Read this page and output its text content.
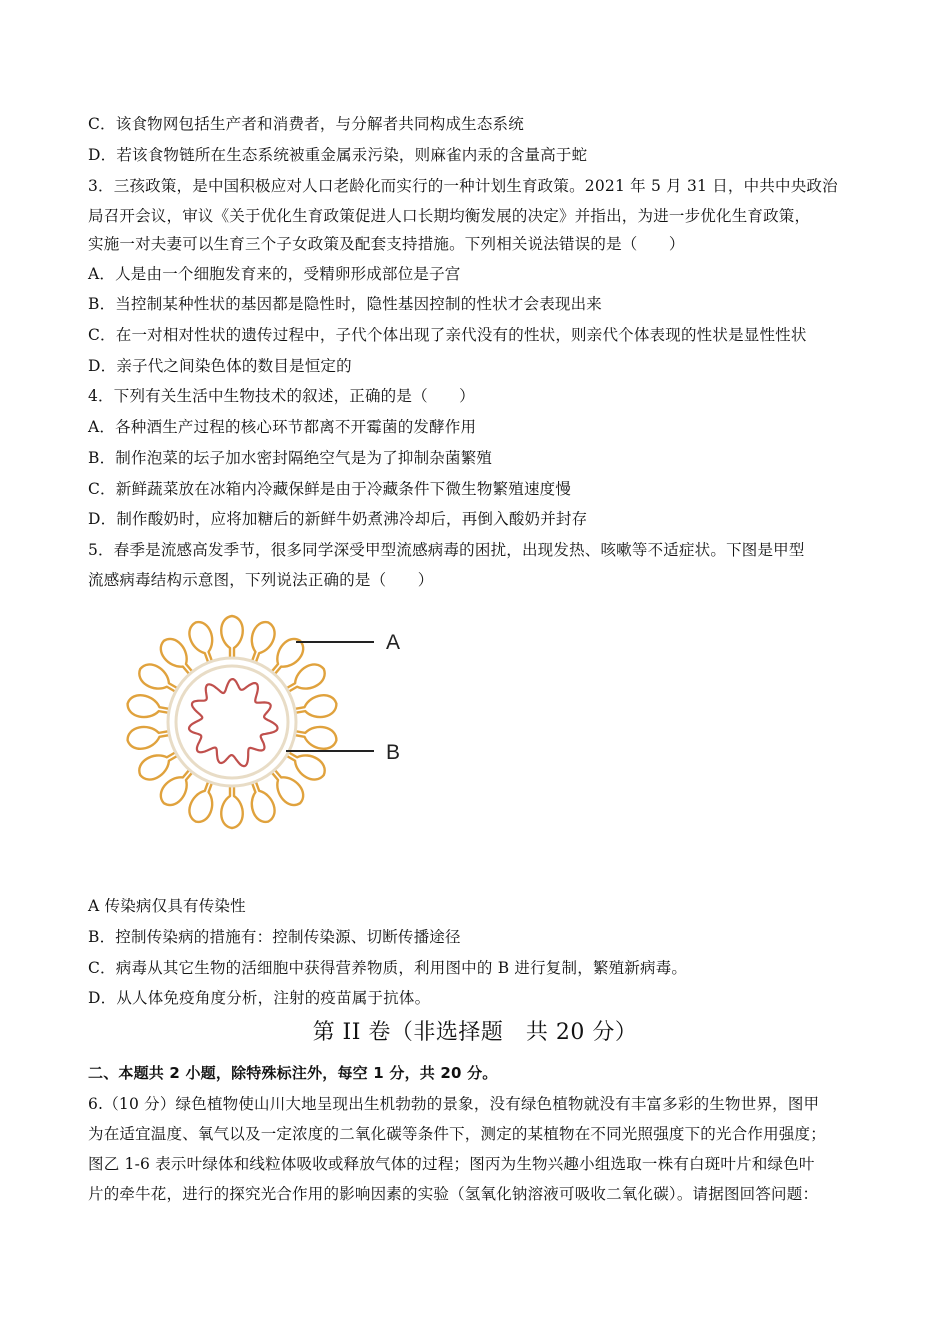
C．该食物网包括生产者和消费者，与分解者共同构成生态系统
D．若该食物链所在生态系统被重金属汞污染，则麻雀内汞的含量高于蛇
3．三孩政策，是中国积极应对人口老龄化而实行的一种计划生育政策。2021 年 5 月 31 日，中共中央政治
局召开会议，审议《关于优化生育政策促进人口长期均衡发展的决定》并指出，为进一步优化生育政策，
实施一对夫妻可以生育三个子女政策及配套支持措施。下列相关说法错误的是（　　）
A．人是由一个细胞发育来的，受精卵形成部位是子宫
B．当控制某种性状的基因都是隐性时，隐性基因控制的性状才会表现出来
C．在一对相对性状的遗传过程中，子代个体出现了亲代没有的性状，则亲代个体表现的性状是显性性状
D．亲子代之间染色体的数目是恒定的
4．下列有关生活中生物技术的叙述，正确的是（　　）
A．各种酒生产过程的核心环节都离不开霉菌的发酵作用
B．制作泡菜的坛子加水密封隔绝空气是为了抑制杂菌繁殖
C．新鲜蔬菜放在冰箱内冷藏保鲜是由于冷藏条件下微生物繁殖速度慢
D．制作酸奶时，应将加糖后的新鲜牛奶煮沸冷却后，再倒入酸奶并封存
5．春季是流感高发季节，很多同学深受甲型流感病毒的困扰，出现发热、咳嗽等不适症状。下图是甲型
流感病毒结构示意图，下列说法正确的是（　　）
A
B
A 传染病仅具有传染性
B．控制传染病的措施有：控制传染源、切断传播途径
C．病毒从其它生物的活细胞中获得营养物质，利用图中的 B 进行复制，繁殖新病毒。
D．从人体免疫角度分析，注射的疫苗属于抗体。
第 II 卷（非选择题　共 20 分）
二、本题共 2 小题，除特殊标注外，每空 1 分，共 20 分。
6.（10 分）绿色植物使山川大地呈现出生机勃勃的景象，没有绿色植物就没有丰富多彩的生物世界，图甲
为在适宜温度、氧气以及一定浓度的二氧化碳等条件下，测定的某植物在不同光照强度下的光合作用强度；
图乙 1-6 表示叶绿体和线粒体吸收或释放气体的过程；图丙为生物兴趣小组选取一株有白斑叶片和绿色叶
片的牵牛花，进行的探究光合作用的影响因素的实验（氢氧化钠溶液可吸收二氧化碳）。请据图回答问题：
